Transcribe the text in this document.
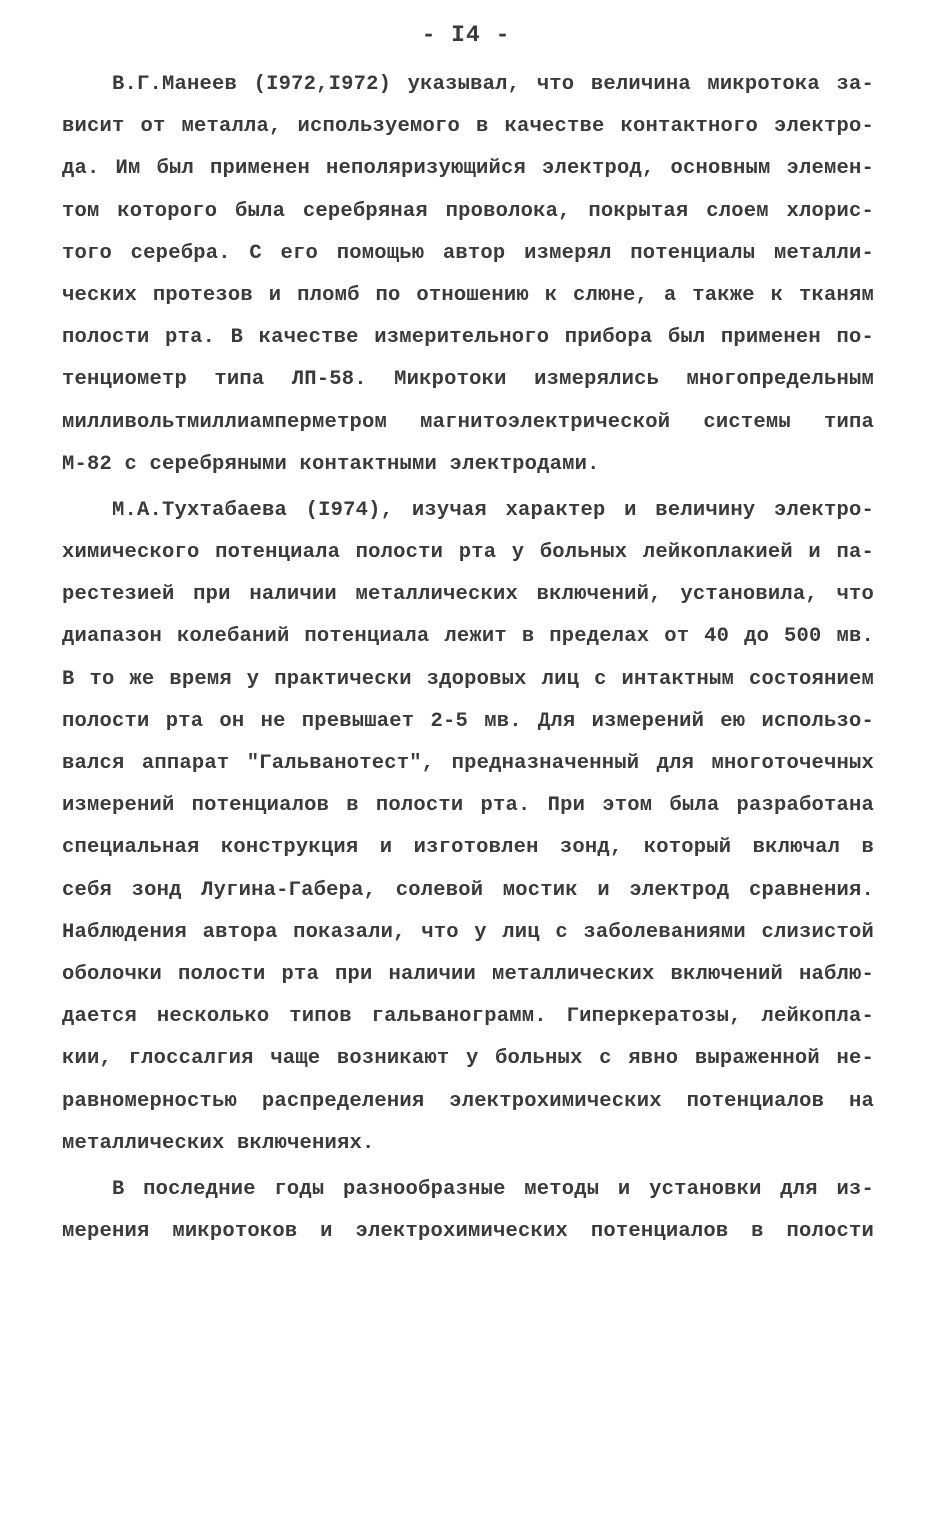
- I4 -
В.Г.Манеев (I972,I972) указывал, что величина микротока за-
висит от металла, используемого в качестве контактного электро-
да. Им был применен неполяризующийся электрод, основным элемен-
том которого была серебряная проволока, покрытая слоем хлорис-
того серебра. С его помощью автор измерял потенциалы металли-
ческих протезов и пломб по отношению к слюне, а также к тканям
полости рта. В качестве измерительного прибора был применен по-
тенциометр типа ЛП-58. Микротоки измерялись многопредельным
милливольтмиллиамперметром магнитоэлектрической системы типа
М-82 с серебряными контактными электродами.
М.А.Тухтабаева (I974), изучая характер и величину электро-
химического потенциала полости рта у больных лейкоплакией и па-
рестезией при наличии металлических включений, установила, что
диапазон колебаний потенциала лежит в пределах от 40 до 500 мв.
В то же время у практически здоровых лиц с интактным состоянием
полости рта он не превышает 2-5 мв. Для измерений ею использо-
вался аппарат "Гальванотест", предназначенный для многоточечных
измерений потенциалов в полости рта. При этом была разработана
специальная конструкция и изготовлен зонд, который включал в
себя зонд Лугина-Габера, солевой мостик и электрод сравнения.
Наблюдения автора показали, что у лиц с заболеваниями слизистой
оболочки полости рта при наличии металлических включений наблю-
дается несколько типов гальванограмм. Гиперкератозы, лейкопла-
кии, глоссалгия чаще возникают у больных с явно выраженной не-
равномерностью распределения электрохимических потенциалов на
металлических включениях.
В последние годы разнообразные методы и установки для из-
мерения микротоков и электрохимических потенциалов в полости
